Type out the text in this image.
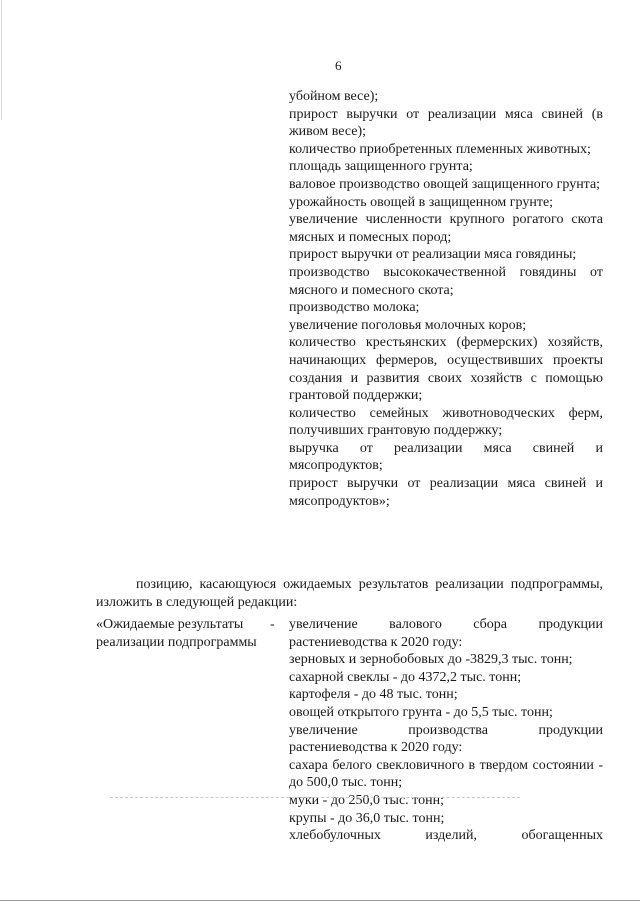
6

убойном весе);

прирост выручки от реализации мяса свиней (в живом весе);

количество приобретенных племенных животных;

площадь защищенного грунта;

валовое производство овощей защищенного грунта;

урожайность овощей в защищенном грунте;

увеличение численности крупного рогатого скота мясных и помесных пород;

прирост выручки от реализации мяса говядины;

производство высококачественной говядины от мясного и помесного скота;

производство молока;

увеличение поголовья молочных коров;

количество крестьянских (фермерских) хозяйств, начинающих фермеров, осуществивших проекты создания и развития своих хозяйств с помощью грантовой поддержки;

количество семейных животноводческих ферм, получивших грантовую поддержку;

выручка от реализации мяса свиней и мясопродуктов;

прирост выручки от реализации мяса свиней и мясопродуктов»;

позицию, касающуюся ожидаемых результатов реализации подпрограммы, изложить в следующей редакции:

«Ожидаемые результаты реализации подпрограммы
- увеличение валового сбора продукции растениеводства к 2020 году:

зерновых и зернобобовых до -3829,3 тыс. тонн;

сахарной свеклы - до 4372,2 тыс. тонн;

картофеля - до 48 тыс. тонн;

овощей открытого грунта - до 5,5 тыс. тонн;

увеличение производства продукции растениеводства к 2020 году:

сахара белого свекловичного в твердом состоянии - до 500,0 тыс. тонн;

муки - до 250,0 тыс. тонн;

крупы - до 36,0 тыс. тонн;

хлебобулочных изделий, обогащенных
